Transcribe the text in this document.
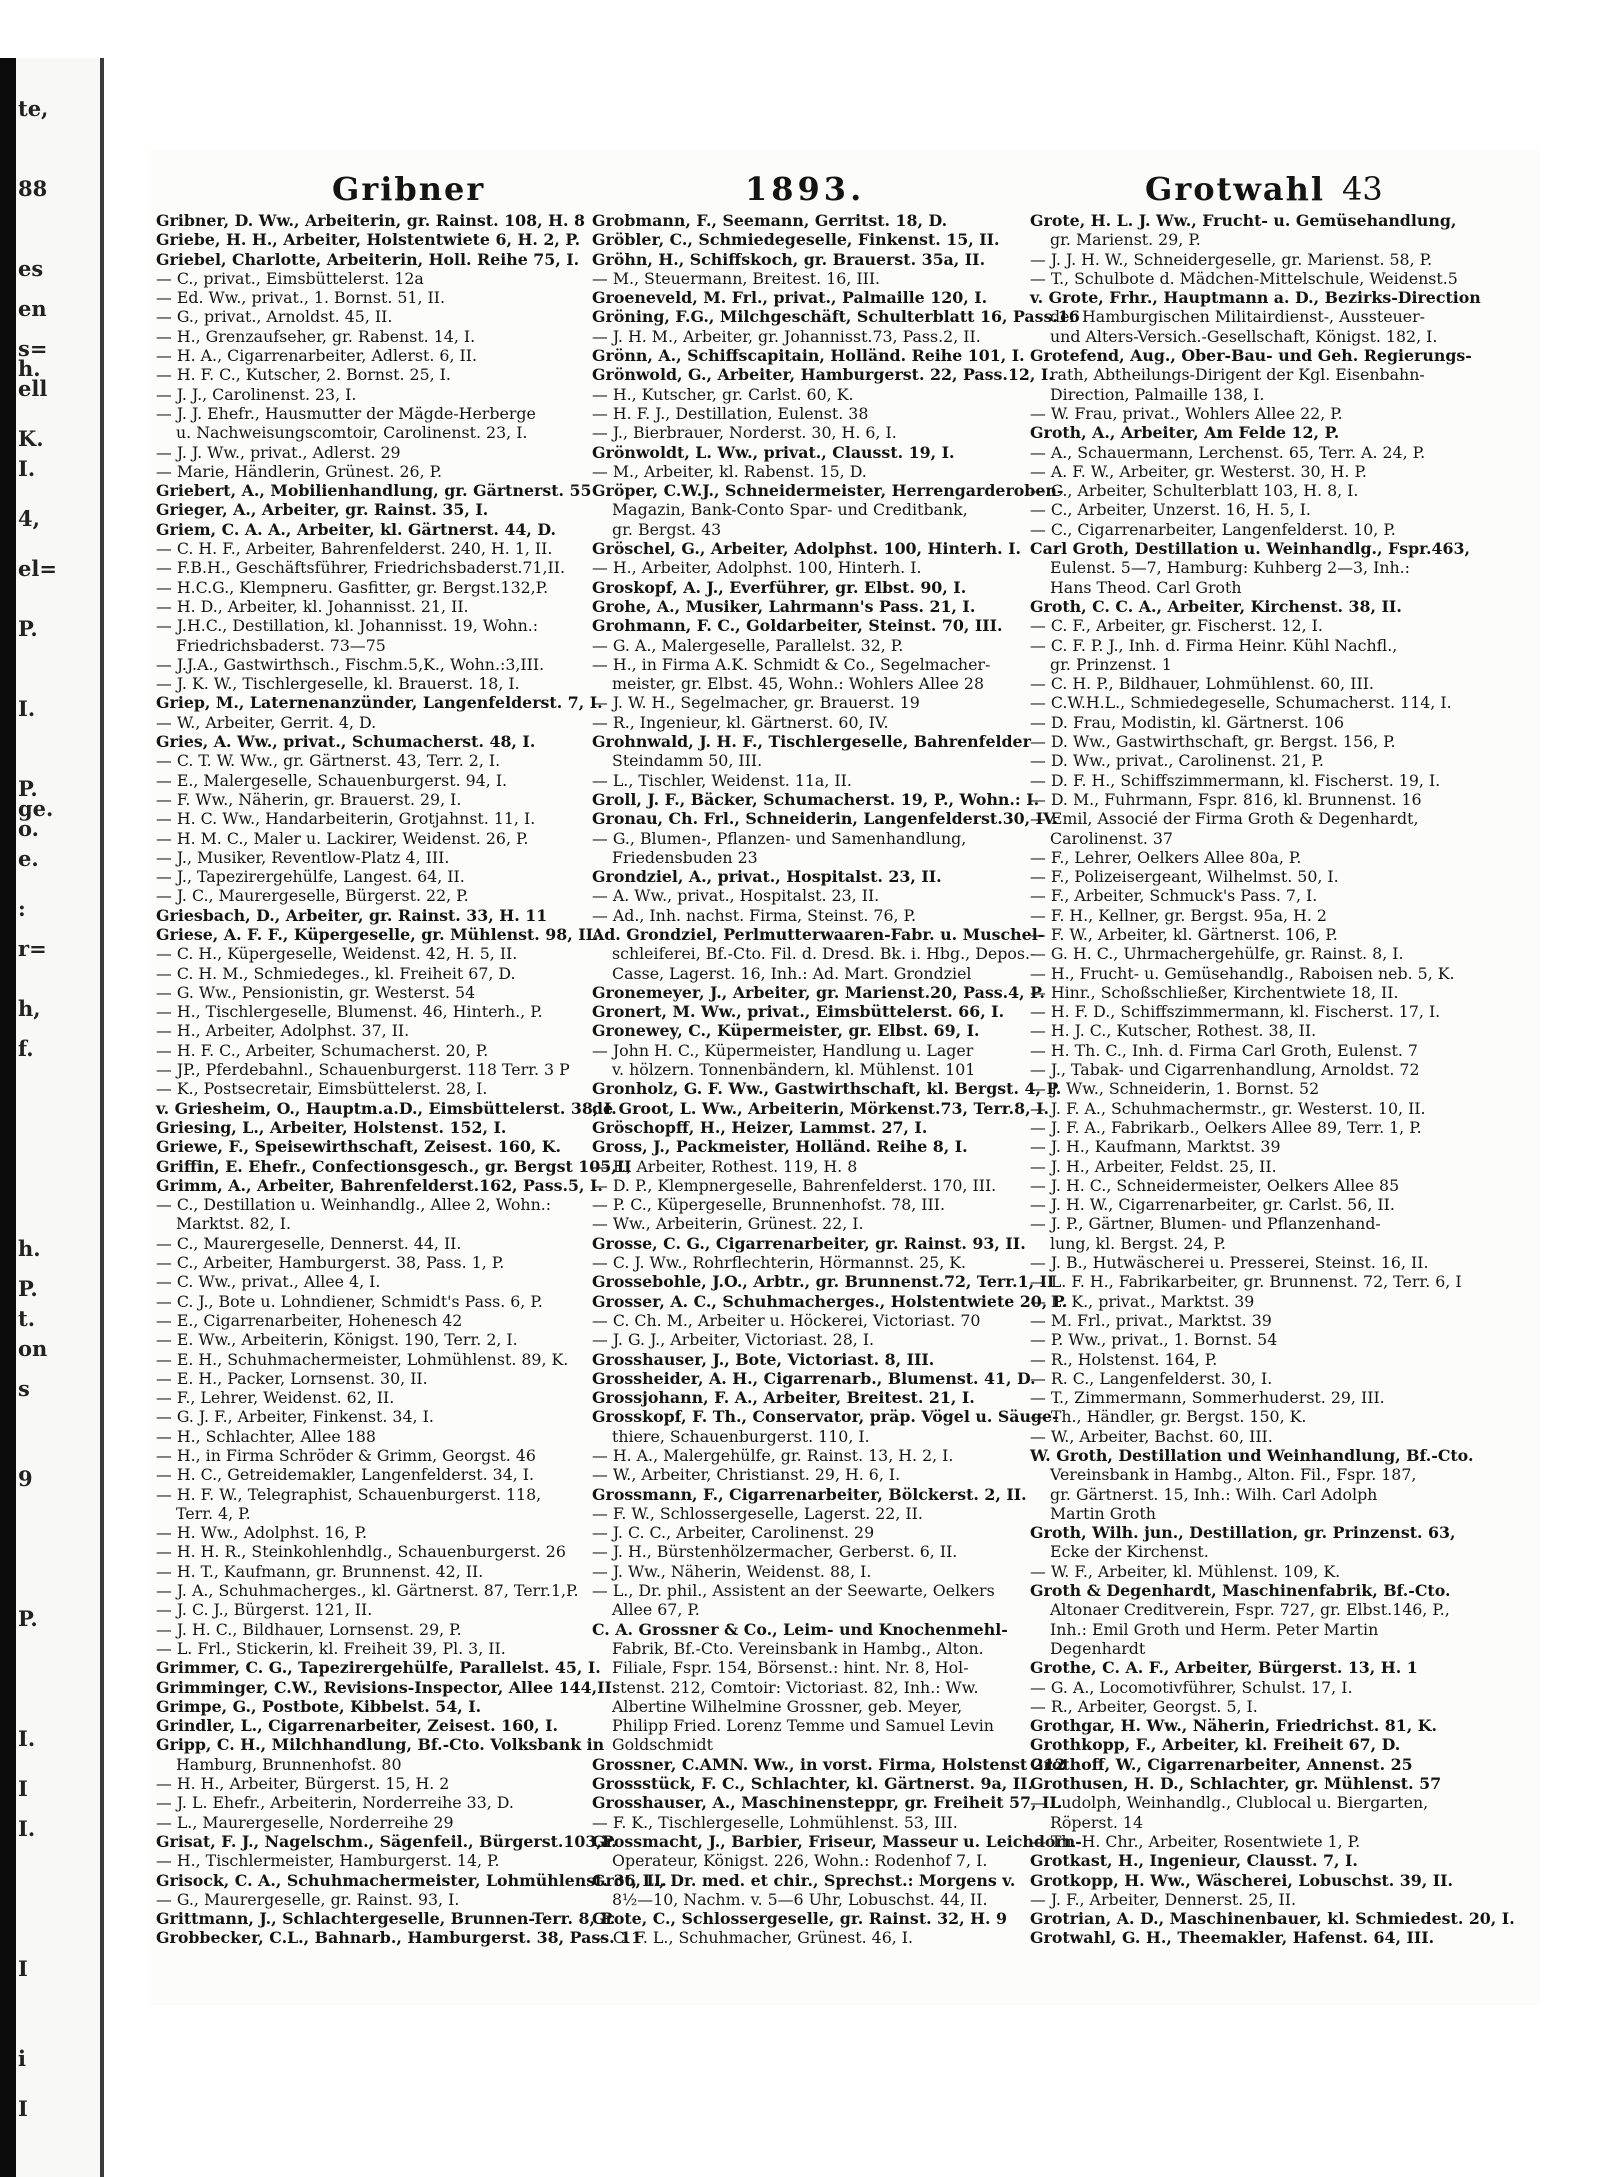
te,
88
es
en
s=
h.
ell
K.
I.
4,
el=
P.
I.
P.
ge.
o.
e.
:
r=
h,
f.
h.
P.
t.
on
s
9
P.
I.
I
I.
I
i
I
Gribner	1893.	Grotwahl 43
Gribner, D. Ww., Arbeiterin, gr. Rainst. 108, H. 8
Griebe, H. H., Arbeiter, Holstentwiete 6, H. 2, P.
Griebel, Charlotte, Arbeiterin, Holl. Reihe 75, I.
— C., privat., Eimsbüttelerst. 12a
— Ed. Ww., privat., 1. Bornst. 51, II.
— G., privat., Arnoldst. 45, II.
— H., Grenzaufseher, gr. Rabenst. 14, I.
— H. A., Cigarrenarbeiter, Adlerst. 6, II.
— H. F. C., Kutscher, 2. Bornst. 25, I.
— J. J., Carolinenst. 23, I.
— J. J. Ehefr., Hausmutter der Mägde-Herberge
u. Nachweisungscomtoir, Carolinenst. 23, I.
— J. J. Ww., privat., Adlerst. 29
— Marie, Händlerin, Grünest. 26, P.
Griebert, A., Mobilienhandlung, gr. Gärtnerst. 55
Grieger, A., Arbeiter, gr. Rainst. 35, I.
Griem, C. A. A., Arbeiter, kl. Gärtnerst. 44, D.
— C. H. F., Arbeiter, Bahrenfelderst. 240, H. 1, II.
— F.B.H., Geschäftsführer, Friedrichsbaderst.71,II.
— H.C.G., Klempneru. Gasfitter, gr. Bergst.132,P.
— H. D., Arbeiter, kl. Johannisst. 21, II.
— J.H.C., Destillation, kl. Johannisst. 19, Wohn.:
Friedrichsbaderst. 73—75
— J.J.A., Gastwirthsch., Fischm.5,K., Wohn.:3,III.
— J. K. W., Tischlergeselle, kl. Brauerst. 18, I.
Griep, M., Laternenanzünder, Langenfelderst. 7, I.
— W., Arbeiter, Gerrit. 4, D.
Gries, A. Ww., privat., Schumacherst. 48, I.
— C. T. W. Ww., gr. Gärtnerst. 43, Terr. 2, I.
— E., Malergeselle, Schauenburgerst. 94, I.
— F. Ww., Näherin, gr. Brauerst. 29, I.
— H. C. Ww., Handarbeiterin, Grotjahnst. 11, I.
— H. M. C., Maler u. Lackirer, Weidenst. 26, P.
— J., Musiker, Reventlow-Platz 4, III.
— J., Tapezirergehülfe, Langest. 64, II.
— J. C., Maurergeselle, Bürgerst. 22, P.
Griesbach, D., Arbeiter, gr. Rainst. 33, H. 11
Griese, A. F. F., Küpergeselle, gr. Mühlenst. 98, II.
— C. H., Küpergeselle, Weidenst. 42, H. 5, II.
— C. H. M., Schmiedeges., kl. Freiheit 67, D.
— G. Ww., Pensionistin, gr. Westerst. 54
— H., Tischlergeselle, Blumenst. 46, Hinterh., P.
— H., Arbeiter, Adolphst. 37, II.
— H. F. C., Arbeiter, Schumacherst. 20, P.
— JP., Pferdebahnl., Schauenburgerst. 118 Terr. 3 P
— K., Postsecretair, Eimsbüttelerst. 28, I.
v. Griesheim, O., Hauptm.a.D., Eimsbüttelerst. 38, I.
Griesing, L., Arbeiter, Holstenst. 152, I.
Griewe, F., Speisewirthschaft, Zeisest. 160, K.
Griffin, E. Ehefr., Confectionsgesch., gr. Bergst 105,II
Grimm, A., Arbeiter, Bahrenfelderst.162, Pass.5, I.
— C., Destillation u. Weinhandlg., Allee 2, Wohn.:
Marktst. 82, I.
— C., Maurergeselle, Dennerst. 44, II.
— C., Arbeiter, Hamburgerst. 38, Pass. 1, P.
— C. Ww., privat., Allee 4, I.
— C. J., Bote u. Lohndiener, Schmidt's Pass. 6, P.
— E., Cigarrenarbeiter, Hohenesch 42
— E. Ww., Arbeiterin, Königst. 190, Terr. 2, I.
— E. H., Schuhmachermeister, Lohmühlenst. 89, K.
— E. H., Packer, Lornsenst. 30, II.
— F., Lehrer, Weidenst. 62, II.
— G. J. F., Arbeiter, Finkenst. 34, I.
— H., Schlachter, Allee 188
— H., in Firma Schröder & Grimm, Georgst. 46
— H. C., Getreidemakler, Langenfelderst. 34, I.
— H. F. W., Telegraphist, Schauenburgerst. 118,
Terr. 4, P.
— H. Ww., Adolphst. 16, P.
— H. H. R., Steinkohlenhdlg., Schauenburgerst. 26
— H. T., Kaufmann, gr. Brunnenst. 42, II.
— J. A., Schuhmacherges., kl. Gärtnerst. 87, Terr.1,P.
— J. C. J., Bürgerst. 121, II.
— J. H. C., Bildhauer, Lornsenst. 29, P.
— L. Frl., Stickerin, kl. Freiheit 39, Pl. 3, II.
Grimmer, C. G., Tapezirergehülfe, Parallelst. 45, I.
Grimminger, C.W., Revisions-Inspector, Allee 144,II.
Grimpe, G., Postbote, Kibbelst. 54, I.
Grindler, L., Cigarrenarbeiter, Zeisest. 160, I.
Gripp, C. H., Milchhandlung, Bf.-Cto. Volksbank in
Hamburg, Brunnenhofst. 80
— H. H., Arbeiter, Bürgerst. 15, H. 2
— J. L. Ehefr., Arbeiterin, Norderreihe 33, D.
— L., Maurergeselle, Norderreihe 29
Grisat, F. J., Nagelschm., Sägenfeil., Bürgerst.103,P.
— H., Tischlermeister, Hamburgerst. 14, P.
Grisock, C. A., Schuhmachermeister, Lohmühlenst. 36, II.
— G., Maurergeselle, gr. Rainst. 93, I.
Grittmann, J., Schlachtergeselle, Brunnen-Terr. 8, P.
Grobbecker, C.L., Bahnarb., Hamburgerst. 38, Pass. 11
Grobmann, F., Seemann, Gerritst. 18, D.
Gröbler, C., Schmiedegeselle, Finkenst. 15, II.
Gröhn, H., Schiffskoch, gr. Brauerst. 35a, II.
— M., Steuermann, Breitest. 16, III.
Groeneveld, M. Frl., privat., Palmaille 120, I.
Gröning, F.G., Milchgeschäft, Schulterblatt 16, Pass.16
— J. H. M., Arbeiter, gr. Johannisst.73, Pass.2, II.
Grönn, A., Schiffscapitain, Holländ. Reihe 101, I.
Grönwold, G., Arbeiter, Hamburgerst. 22, Pass.12, I.
— H., Kutscher, gr. Carlst. 60, K.
— H. F. J., Destillation, Eulenst. 38
— J., Bierbrauer, Norderst. 30, H. 6, I.
Grönwoldt, L. Ww., privat., Clausst. 19, I.
— M., Arbeiter, kl. Rabenst. 15, D.
Gröper, C.W.J., Schneidermeister, Herrengarderoben-
Magazin, Bank-Conto Spar- und Creditbank,
gr. Bergst. 43
Gröschel, G., Arbeiter, Adolphst. 100, Hinterh. I.
— H., Arbeiter, Adolphst. 100, Hinterh. I.
Groskopf, A. J., Everführer, gr. Elbst. 90, I.
Grohe, A., Musiker, Lahrmann's Pass. 21, I.
Grohmann, F. C., Goldarbeiter, Steinst. 70, III.
— G. A., Malergeselle, Parallelst. 32, P.
— H., in Firma A.K. Schmidt & Co., Segelmacher-
meister, gr. Elbst. 45, Wohn.: Wohlers Allee 28
— J. W. H., Segelmacher, gr. Brauerst. 19
— R., Ingenieur, kl. Gärtnerst. 60, IV.
Grohnwald, J. H. F., Tischlergeselle, Bahrenfelder
Steindamm 50, III.
— L., Tischler, Weidenst. 11a, II.
Groll, J. F., Bäcker, Schumacherst. 19, P., Wohn.: I.
Gronau, Ch. Frl., Schneiderin, Langenfelderst.30, IV.
— G., Blumen-, Pflanzen- und Samenhandlung,
Friedensbuden 23
Grondziel, A., privat., Hospitalst. 23, II.
— A. Ww., privat., Hospitalst. 23, II.
— Ad., Inh. nachst. Firma, Steinst. 76, P.
Ad. Grondziel, Perlmutterwaaren-Fabr. u. Muschel-
schleiferei, Bf.-Cto. Fil. d. Dresd. Bk. i. Hbg., Depos.-
Casse, Lagerst. 16, Inh.: Ad. Mart. Grondziel
Gronemeyer, J., Arbeiter, gr. Marienst.20, Pass.4, P.
Gronert, M. Ww., privat., Eimsbüttelerst. 66, I.
Gronewey, C., Küpermeister, gr. Elbst. 69, I.
— John H. C., Küpermeister, Handlung u. Lager
v. hölzern. Tonnenbändern, kl. Mühlenst. 101
Gronholz, G. F. Ww., Gastwirthschaft, kl. Bergst. 4, P.
de Groot, L. Ww., Arbeiterin, Mörkenst.73, Terr.8, I.
Gröschopff, H., Heizer, Lammst. 27, I.
Gross, J., Packmeister, Holländ. Reihe 8, I.
— F., Arbeiter, Rothest. 119, H. 8
— D. P., Klempnergeselle, Bahrenfelderst. 170, III.
— P. C., Küpergeselle, Brunnenhofst. 78, III.
— Ww., Arbeiterin, Grünest. 22, I.
Grosse, C. G., Cigarrenarbeiter, gr. Rainst. 93, II.
— C. J. Ww., Rohrflechterin, Hörmannst. 25, K.
Grossebohle, J.O., Arbtr., gr. Brunnenst.72, Terr.1, II
Grosser, A. C., Schuhmacherges., Holstentwiete 20, P.
— C. Ch. M., Arbeiter u. Höckerei, Victoriast. 70
— J. G. J., Arbeiter, Victoriast. 28, I.
Grosshauser, J., Bote, Victoriast. 8, III.
Grossheider, A. H., Cigarrenarb., Blumenst. 41, D.
Grossjohann, F. A., Arbeiter, Breitest. 21, I.
Grosskopf, F. Th., Conservator, präp. Vögel u. Säuge-
thiere, Schauenburgerst. 110, I.
— H. A., Malergehülfe, gr. Rainst. 13, H. 2, I.
— W., Arbeiter, Christianst. 29, H. 6, I.
Grossmann, F., Cigarrenarbeiter, Bölckerst. 2, II.
— F. W., Schlossergeselle, Lagerst. 22, II.
— J. C. C., Arbeiter, Carolinenst. 29
— J. H., Bürstenhölzermacher, Gerberst. 6, II.
— J. Ww., Näherin, Weidenst. 88, I.
— L., Dr. phil., Assistent an der Seewarte, Oelkers
Allee 67, P.
C. A. Grossner & Co., Leim- und Knochenmehl-
Fabrik, Bf.-Cto. Vereinsbank in Hambg., Alton.
Filiale, Fspr. 154, Börsenst.: hint. Nr. 8, Hol-
stenst. 212, Comtoir: Victoriast. 82, Inh.: Ww.
Albertine Wilhelmine Grossner, geb. Meyer,
Philipp Fried. Lorenz Temme und Samuel Levin
Goldschmidt
Grossner, C.AMN. Ww., in vorst. Firma, Holstenst 212
Grossstück, F. C., Schlachter, kl. Gärtnerst. 9a, II.
Grosshauser, A., Maschinensteppr, gr. Freiheit 57, II.
— F. K., Tischlergeselle, Lohmühlenst. 53, III.
Grossmacht, J., Barbier, Friseur, Masseur u. Leichdorn-
Operateur, Königst. 226, Wohn.: Rodenhof 7, I.
Grot, L., Dr. med. et chir., Sprechst.: Morgens v.
8½—10, Nachm. v. 5—6 Uhr, Lobuschst. 44, II.
Grote, C., Schlossergeselle, gr. Rainst. 32, H. 9
— C. F. L., Schuhmacher, Grünest. 46, I.
Grote, H. L. J. Ww., Frucht- u. Gemüsehandlung,
gr. Marienst. 29, P.
— J. J. H. W., Schneidergeselle, gr. Marienst. 58, P.
— T., Schulbote d. Mädchen-Mittelschule, Weidenst.5
v. Grote, Frhr., Hauptmann a. D., Bezirks-Direction
der Hamburgischen Militairdienst-, Aussteuer-
und Alters-Versich.-Gesellschaft, Königst. 182, I.
Grotefend, Aug., Ober-Bau- und Geh. Regierungs-
rath, Abtheilungs-Dirigent der Kgl. Eisenbahn-
Direction, Palmaille 138, I.
— W. Frau, privat., Wohlers Allee 22, P.
Groth, A., Arbeiter, Am Felde 12, P.
— A., Schauermann, Lerchenst. 65, Terr. A. 24, P.
— A. F. W., Arbeiter, gr. Westerst. 30, H. P.
— C., Arbeiter, Schulterblatt 103, H. 8, I.
— C., Arbeiter, Unzerst. 16, H. 5, I.
— C., Cigarrenarbeiter, Langenfelderst. 10, P.
Carl Groth, Destillation u. Weinhandlg., Fspr.463,
Eulenst. 5—7, Hamburg: Kuhberg 2—3, Inh.:
Hans Theod. Carl Groth
Groth, C. C. A., Arbeiter, Kirchenst. 38, II.
— C. F., Arbeiter, gr. Fischerst. 12, I.
— C. F. P. J., Inh. d. Firma Heinr. Kühl Nachfl.,
gr. Prinzenst. 1
— C. H. P., Bildhauer, Lohmühlenst. 60, III.
— C.W.H.L., Schmiedegeselle, Schumacherst. 114, I.
— D. Frau, Modistin, kl. Gärtnerst. 106
— D. Ww., Gastwirthschaft, gr. Bergst. 156, P.
— D. Ww., privat., Carolinenst. 21, P.
— D. F. H., Schiffszimmermann, kl. Fischerst. 19, I.
— D. M., Fuhrmann, Fspr. 816, kl. Brunnenst. 16
— Emil, Associé der Firma Groth & Degenhardt,
Carolinenst. 37
— F., Lehrer, Oelkers Allee 80a, P.
— F., Polizeisergeant, Wilhelmst. 50, I.
— F., Arbeiter, Schmuck's Pass. 7, I.
— F. H., Kellner, gr. Bergst. 95a, H. 2
— F. W., Arbeiter, kl. Gärtnerst. 106, P.
— G. H. C., Uhrmachergehülfe, gr. Rainst. 8, I.
— H., Frucht- u. Gemüsehandlg., Raboisen neb. 5, K.
— Hinr., Schoßschließer, Kirchentwiete 18, II.
— H. F. D., Schiffszimmermann, kl. Fischerst. 17, I.
— H. J. C., Kutscher, Rothest. 38, II.
— H. Th. C., Inh. d. Firma Carl Groth, Eulenst. 7
— J., Tabak- und Cigarrenhandlung, Arnoldst. 72
— J. Ww., Schneiderin, 1. Bornst. 52
— J. F. A., Schuhmachermstr., gr. Westerst. 10, II.
— J. F. A., Fabrikarb., Oelkers Allee 89, Terr. 1, P.
— J. H., Kaufmann, Marktst. 39
— J. H., Arbeiter, Feldst. 25, II.
— J. H. C., Schneidermeister, Oelkers Allee 85
— J. H. W., Cigarrenarbeiter, gr. Carlst. 56, II.
— J. P., Gärtner, Blumen- und Pflanzenhand-
lung, kl. Bergst. 24, P.
— J. B., Hutwäscherei u. Presserei, Steinst. 16, II.
— L. F. H., Fabrikarbeiter, gr. Brunnenst. 72, Terr. 6, I
— L. K., privat., Marktst. 39
— M. Frl., privat., Marktst. 39
— P. Ww., privat., 1. Bornst. 54
— R., Holstenst. 164, P.
— R. C., Langenfelderst. 30, I.
— T., Zimmermann, Sommerhuderst. 29, III.
— Th., Händler, gr. Bergst. 150, K.
— W., Arbeiter, Bachst. 60, III.
W. Groth, Destillation und Weinhandlung, Bf.-Cto.
Vereinsbank in Hambg., Alton. Fil., Fspr. 187,
gr. Gärtnerst. 15, Inh.: Wilh. Carl Adolph
Martin Groth
Groth, Wilh. jun., Destillation, gr. Prinzenst. 63,
Ecke der Kirchenst.
— W. F., Arbeiter, kl. Mühlenst. 109, K.
Groth & Degenhardt, Maschinenfabrik, Bf.-Cto.
Altonaer Creditverein, Fspr. 727, gr. Elbst.146, P.,
Inh.: Emil Groth und Herm. Peter Martin
Degenhardt
Grothe, C. A. F., Arbeiter, Bürgerst. 13, H. 1
— G. A., Locomotivführer, Schulst. 17, I.
— R., Arbeiter, Georgst. 5, I.
Grothgar, H. Ww., Näherin, Friedrichst. 81, K.
Grothkopp, F., Arbeiter, kl. Freiheit 67, D.
Grothoff, W., Cigarrenarbeiter, Annenst. 25
Grothusen, H. D., Schlachter, gr. Mühlenst. 57
— Ludolph, Weinhandlg., Clublocal u. Biergarten,
Röperst. 14
— Th. H. Chr., Arbeiter, Rosentwiete 1, P.
Grotkast, H., Ingenieur, Clausst. 7, I.
Grotkopp, H. Ww., Wäscherei, Lobuschst. 39, II.
— J. F., Arbeiter, Dennerst. 25, II.
Grotrian, A. D., Maschinenbauer, kl. Schmiedest. 20, I.
Grotwahl, G. H., Theemakler, Hafenst. 64, III.
